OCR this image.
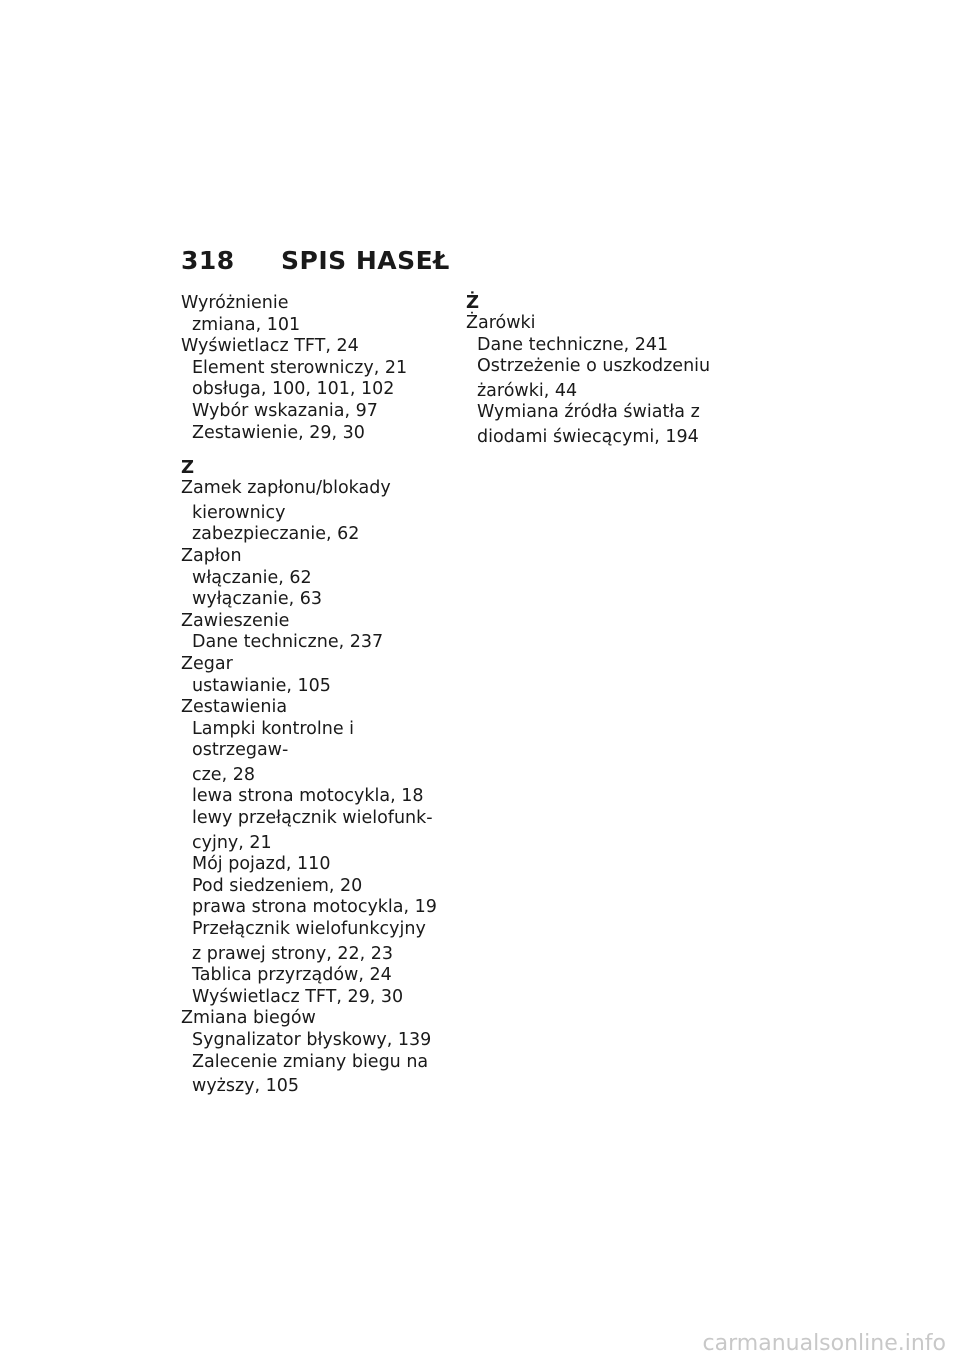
318 SPIS HASEŁ
Wyróżnienie
zmiana, 101
Wyświetlacz TFT, 24
Element sterowniczy, 21
obsługa, 100, 101, 102
Wybór wskazania, 97
Zestawienie, 29, 30
Z
Zamek zapłonu/blokady
kierownicy
zabezpieczanie, 62
Zapłon
włączanie, 62
wyłączanie, 63
Zawieszenie
Dane techniczne, 237
Zegar
ustawianie, 105
Zestawienia
Lampki kontrolne i ostrzegaw-
cze, 28
lewa strona motocykla, 18
lewy przełącznik wielofunk-
cyjny, 21
Mój pojazd, 110
Pod siedzeniem, 20
prawa strona motocykla, 19
Przełącznik wielofunkcyjny
z prawej strony, 22, 23
Tablica przyrządów, 24
Wyświetlacz TFT, 29, 30
Zmiana biegów
Sygnalizator błyskowy, 139
Zalecenie zmiany biegu na
wyższy, 105
Ż
Żarówki
Dane techniczne, 241
Ostrzeżenie o uszkodzeniu
żarówki, 44
Wymiana źródła światła z
diodami świecącymi, 194
carmanualsonline.info
